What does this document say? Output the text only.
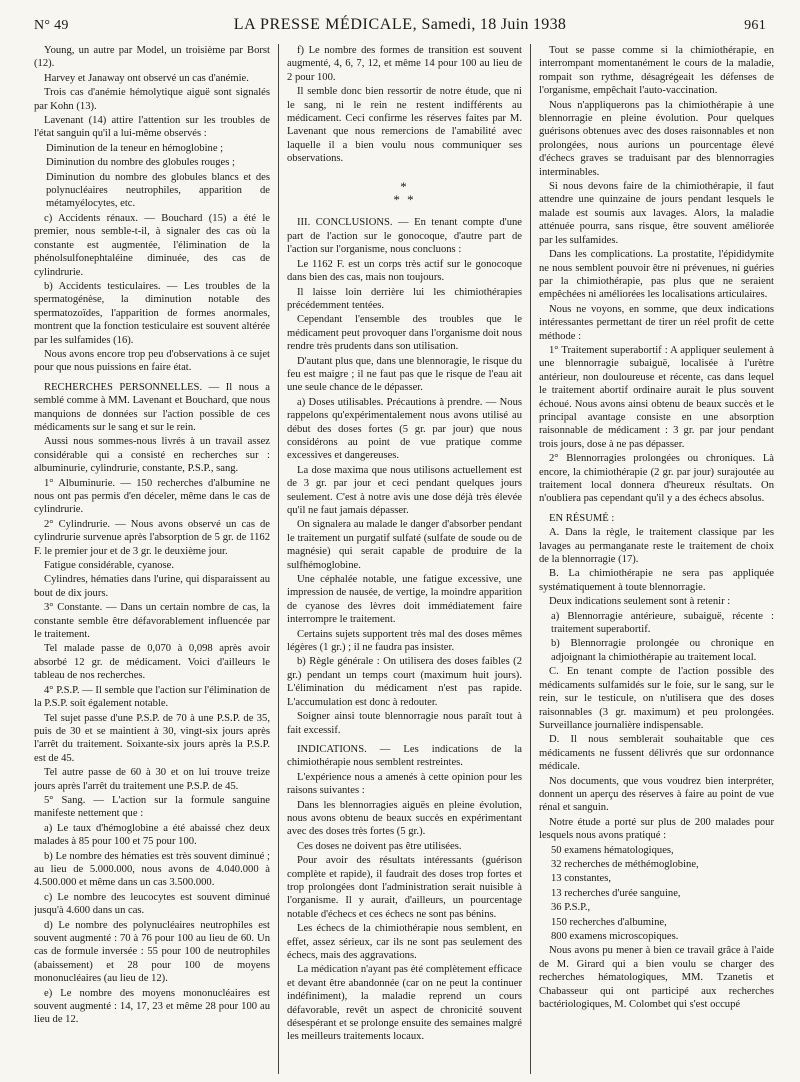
N° 49	LA PRESSE MÉDICALE, Samedi, 18 Juin 1938	961

Young, un autre par Model, un troisième par Borst (12).

Harvey et Janaway ont observé un cas d'anémie.

Trois cas d'anémie hémolytique aiguë sont signalés par Kohn (13).

Lavenant (14) attire l'attention sur les troubles de l'état sanguin qu'il a lui-même observés :

Diminution de la teneur en hémoglobine ;

Diminution du nombre des globules rouges ;

Diminution du nombre des globules blancs et des polynucléaires neutrophiles, apparition de métamyélocytes, etc.

c) Accidents rénaux. — Bouchard (15) a été le premier, nous semble-t-il, à signaler des cas où la constante est augmentée, l'élimination de la phénolsulfonephtaléine diminuée, des cas de cylindrurie.

b) Accidents testiculaires. — Les troubles de la spermatogénèse, la diminution notable des spermatozoïdes, l'apparition de formes anormales, montrent que la fonction testiculaire est souvent altérée par les sulfamides (16).

Nous avons encore trop peu d'observations à ce sujet pour que nous puissions en faire état.

RECHERCHES PERSONNELLES. — Il nous a semblé comme à MM. Lavenant et Bouchard, que nous manquions de données sur l'action possible de ces médicaments sur le sang et sur le rein.

Aussi nous sommes-nous livrés à un travail assez considérable qui a consisté en recherches sur : albuminurie, cylindrurie, constante, P.S.P., sang.

1° Albuminurie. — 150 recherches d'albumine ne nous ont pas permis d'en déceler, même dans le cas de cylindrurie.

2° Cylindrurie. — Nous avons observé un cas de cylindrurie survenue après l'absorption de 5 gr. de 1162 F. le premier jour et de 3 gr. le deuxième jour.

Fatigue considérable, cyanose.

Cylindres, hématies dans l'urine, qui disparaissent au bout de dix jours.

3° Constante. — Dans un certain nombre de cas, la constante semble être défavorablement influencée par le traitement.

Tel malade passe de 0,070 à 0,098 après avoir absorbé 12 gr. de médicament. Voici d'ailleurs le tableau de nos recherches.

4° P.S.P. — Il semble que l'action sur l'élimination de la P.S.P. soit également notable.

Tel sujet passe d'une P.S.P. de 70 à une P.S.P. de 35, puis de 30 et se maintient à 30, vingt-six jours après l'arrêt du traitement. Soixante-six jours après la P.S.P. est de 45.

Tel autre passe de 60 à 30 et on lui trouve treize jours après l'arrêt du traitement une P.S.P. de 45.

5° Sang. — L'action sur la formule sanguine manifeste nettement que :

a) Le taux d'hémoglobine a été abaissé chez deux malades à 85 pour 100 et 75 pour 100.

b) Le nombre des hématies est très souvent diminué ; au lieu de 5.000.000, nous avons de 4.040.000 à 4.500.000 et même dans un cas 3.500.000.

c) Le nombre des leucocytes est souvent diminué jusqu'à 4.600 dans un cas.

d) Le nombre des polynucléaires neutrophiles est souvent augmenté : 70 à 76 pour 100 au lieu de 60. Un cas de formule inversée : 55 pour 100 de neutrophiles (abaissement) et 28 pour 100 de moyens mononucléaires (au lieu de 12).

e) Le nombre des moyens mononucléaires est souvent augmenté : 14, 17, 23 et même 28 pour 100 au lieu de 12.

f) Le nombre des formes de transition est souvent augmenté, 4, 6, 7, 12, et même 14 pour 100 au lieu de 2 pour 100.

Il semble donc bien ressortir de notre étude, que ni le sang, ni le rein ne restent indifférents au médicament. Ceci confirme les réserves faites par M. Lavenant que nous remercions de l'amabilité avec laquelle il a bien voulu nous communiquer ses observations.

*
* *

III. CONCLUSIONS. — En tenant compte d'une part de l'action sur le gonocoque, d'autre part de l'action sur l'organisme, nous concluons :

Le 1162 F. est un corps très actif sur le gonocoque dans bien des cas, mais non toujours.

Il laisse loin derrière lui les chimiothérapies précédemment tentées.

Cependant l'ensemble des troubles que le médicament peut provoquer dans l'organisme doit nous rendre très prudents dans son utilisation.

D'autant plus que, dans une blennoragie, le risque du feu est maigre ; il ne faut pas que le risque de l'eau ait une seule chance de le dépasser.

a) Doses utilisables. Précautions à prendre. — Nous rappelons qu'expérimentalement nous avons utilisé au début des doses fortes (5 gr. par jour) que nous considérons au point de vue pratique comme excessives et dangereuses.

La dose maxima que nous utilisons actuellement est de 3 gr. par jour et ceci pendant quelques jours seulement. C'est à notre avis une dose déjà très élevée qu'il ne faut jamais dépasser.

On signalera au malade le danger d'absorber pendant le traitement un purgatif sulfaté (sulfate de soude ou de magnésie) qui serait capable de produire de la sulfhémoglobine.

Une céphalée notable, une fatigue excessive, une impression de nausée, de vertige, la moindre apparition de cyanose des lèvres doit immédiatement faire interrompre le traitement.

Certains sujets supportent très mal des doses mêmes légères (1 gr.) ; il ne faudra pas insister.

b) Règle générale : On utilisera des doses faibles (2 gr.) pendant un temps court (maximum huit jours). L'élimination du médicament n'est pas rapide. L'accumulation est donc à redouter.

Soigner ainsi toute blennorragie nous paraît tout à fait excessif.

INDICATIONS. — Les indications de la chimiothérapie nous semblent restreintes.

L'expérience nous a amenés à cette opinion pour les raisons suivantes :

Dans les blennorragies aiguës en pleine évolution, nous avons obtenu de beaux succès en expérimentant avec des doses très fortes (5 gr.).

Ces doses ne doivent pas être utilisées.

Pour avoir des résultats intéressants (guérison complète et rapide), il faudrait des doses trop fortes et trop prolongées dont l'administration serait nuisible à l'organisme. Il y aurait, d'ailleurs, un pourcentage notable d'échecs et ces échecs ne sont pas bénins.

Les échecs de la chimiothérapie nous semblent, en effet, assez sérieux, car ils ne sont pas seulement des échecs, mais des aggravations.

La médication n'ayant pas été complètement efficace et devant être abandonnée (car on ne peut la continuer indéfiniment), la maladie reprend un cours défavorable, revêt un aspect de chronicité souvent désespérant et se prolonge ensuite des semaines malgré les meilleurs traitements locaux.

Tout se passe comme si la chimiothérapie, en interrompant momentanément le cours de la maladie, rompait son rythme, désagrégeait les défenses de l'organisme, empêchait l'auto-vaccination.

Nous n'appliquerons pas la chimiothérapie à une blennorragie en pleine évolution. Pour quelques guérisons obtenues avec des doses raisonnables et non prolongées, nous aurions un pourcentage élevé d'échecs graves se traduisant par des blennorragies interminables.

Si nous devons faire de la chimiothérapie, il faut attendre une quinzaine de jours pendant lesquels le malade est soumis aux lavages. Alors, la maladie atténuée pourra, sans risque, être souvent améliorée par les sulfamides.

Dans les complications. La prostatite, l'épididymite ne nous semblent pouvoir être ni prévenues, ni guéries par la chimiothérapie, pas plus que ne seraient empêchées ni améliorées les localisations articulaires.

Nous ne voyons, en somme, que deux indications intéressantes permettant de tirer un réel profit de cette méthode :

1° Traitement superabortif : A appliquer seulement à une blennorragie subaiguë, localisée à l'urètre antérieur, non douloureuse et récente, cas dans lequel le traitement abortif ordinaire aurait le plus souvent échoué. Nous avons ainsi obtenu de beaux succès et le principal avantage consiste en une absorption raisonnable de médicament : 3 gr. par jour pendant trois jours, dose à ne pas dépasser.

2° Blennorragies prolongées ou chroniques. Là encore, la chimiothérapie (2 gr. par jour) surajoutée au traitement local donnera d'heureux résultats. On n'oubliera pas cependant qu'il y a des échecs absolus.

EN RÉSUMÉ :

A. Dans la règle, le traitement classique par les lavages au permanganate reste le traitement de choix de la blennorragie (17).

B. La chimiothérapie ne sera pas appliquée systématiquement à toute blennorragie.

Deux indications seulement sont à retenir :

a) Blennorragie antérieure, subaiguë, récente : traitement superabortif.

b) Blennorragie prolongée ou chronique en adjoignant la chimiothérapie au traitement local.

C. En tenant compte de l'action possible des médicaments sulfamidés sur le foie, sur le sang, sur le rein, sur le testicule, on n'utilisera que des doses raisonnables (3 gr. maximum) et peu prolongées. Surveillance journalière indispensable.

D. Il nous semblerait souhaitable que ces médicaments ne fussent délivrés que sur ordonnance médicale.

Nos documents, que vous voudrez bien interpréter, donnent un aperçu des réserves à faire au point de vue rénal et sanguin.

Notre étude a porté sur plus de 200 malades pour lesquels nous avons pratiqué :

50 examens hématologiques,

32 recherches de méthémoglobine,

13 constantes,

13 recherches d'urée sanguine,

36 P.S.P.,

150 recherches d'albumine,

800 examens microscopiques.

Nous avons pu mener à bien ce travail grâce à l'aide de M. Girard qui a bien voulu se charger des recherches hématologiques, MM. Tzanetis et Chabasseur qui ont participé aux recherches bactériologiques, M. Colombet qui s'est occupé
